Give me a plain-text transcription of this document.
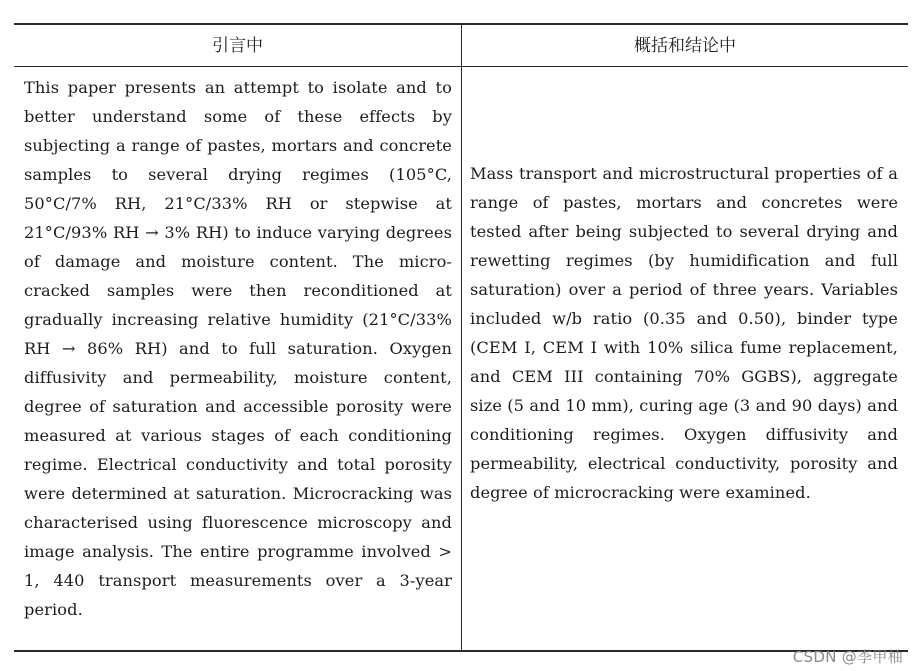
引言中	概括和结论中
This paper presents an attempt to isolate and to better understand some of these effects by subjecting a range of pastes, mortars and concrete samples to several drying regimes (105°C, 50°C/7% RH, 21°C/33% RH or stepwise at 21°C/93% RH → 3% RH) to induce varying degrees of damage and moisture content. The micro-cracked samples were then reconditioned at gradually increasing relative humidity (21°C/33% RH → 86% RH) and to full saturation. Oxygen diffusivity and permeability, moisture content, degree of saturation and accessible porosity were measured at various stages of each conditioning regime. Electrical conductivity and total porosity were determined at saturation. Microcracking was characterised using fluorescence microscopy and image analysis. The entire programme involved > 1, 440 transport measurements over a 3-year period.
Mass transport and microstructural properties of a range of pastes, mortars and concretes were tested after being subjected to several drying and rewetting regimes (by humidification and full saturation) over a period of three years. Variables included w/b ratio (0.35 and 0.50), binder type (CEM I, CEM I with 10% silica fume replacement, and CEM III containing 70% GGBS), aggregate size (5 and 10 mm), curing age (3 and 90 days) and conditioning regimes. Oxygen diffusivity and permeability, electrical conductivity, porosity and degree of microcracking were examined.
CSDN @李甲柚
